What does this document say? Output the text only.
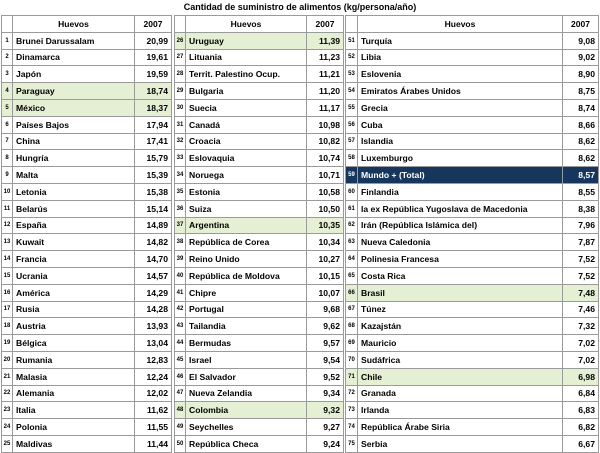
Cantidad de suministro de alimentos (kg/persona/año)
	Huevos	2007
1	Brunei Darussalam	20,99
2	Dinamarca	19,61
3	Japón	19,59
4	Paraguay	18,74
5	México	18,37
6	Países Bajos	17,94
7	China	17,41
8	Hungría	15,79
9	Malta	15,39
10	Letonia	15,38
11	Belarús	15,14
12	España	14,89
13	Kuwait	14,82
14	Francia	14,70
15	Ucrania	14,57
16	América	14,29
17	Rusia	14,28
18	Austria	13,93
19	Bélgica	13,04
20	Rumania	12,83
21	Malasia	12,24
22	Alemania	12,02
23	Italia	11,62
24	Polonia	11,55
25	Maldivas	11,44
	Huevos	2007
26	Uruguay	11,39
27	Lituania	11,23
28	Territ. Palestino Ocup.	11,21
29	Bulgaria	11,20
30	Suecia	11,17
31	Canadá	10,98
32	Croacia	10,82
33	Eslovaquia	10,74
34	Noruega	10,71
35	Estonia	10,58
36	Suiza	10,50
37	Argentina	10,35
38	República de Corea	10,34
39	Reino Unido	10,27
40	República de Moldova	10,15
41	Chipre	10,07
42	Portugal	9,68
43	Tailandia	9,62
44	Bermudas	9,57
45	Israel	9,54
46	El Salvador	9,52
47	Nueva Zelandia	9,34
48	Colombia	9,32
49	Seychelles	9,27
50	República Checa	9,24
	Huevos	2007
51	Turquía	9,08
52	Libia	9,02
53	Eslovenia	8,90
54	Emiratos Árabes Unidos	8,75
55	Grecia	8,74
56	Cuba	8,66
57	Islandia	8,62
58	Luxemburgo	8,62
59	Mundo + (Total)	8,57
60	Finlandia	8,55
61	la ex República Yugoslava de Macedonia	8,38
62	Irán (República Islámica del)	7,96
63	Nueva Caledonia	7,87
64	Polinesia Francesa	7,52
65	Costa Rica	7,52
66	Brasil	7,48
67	Túnez	7,46
68	Kazajstán	7,32
69	Mauricio	7,02
70	Sudáfrica	7,02
71	Chile	6,98
72	Granada	6,84
73	Irlanda	6,83
74	República Árabe Siria	6,82
75	Serbia	6,67
